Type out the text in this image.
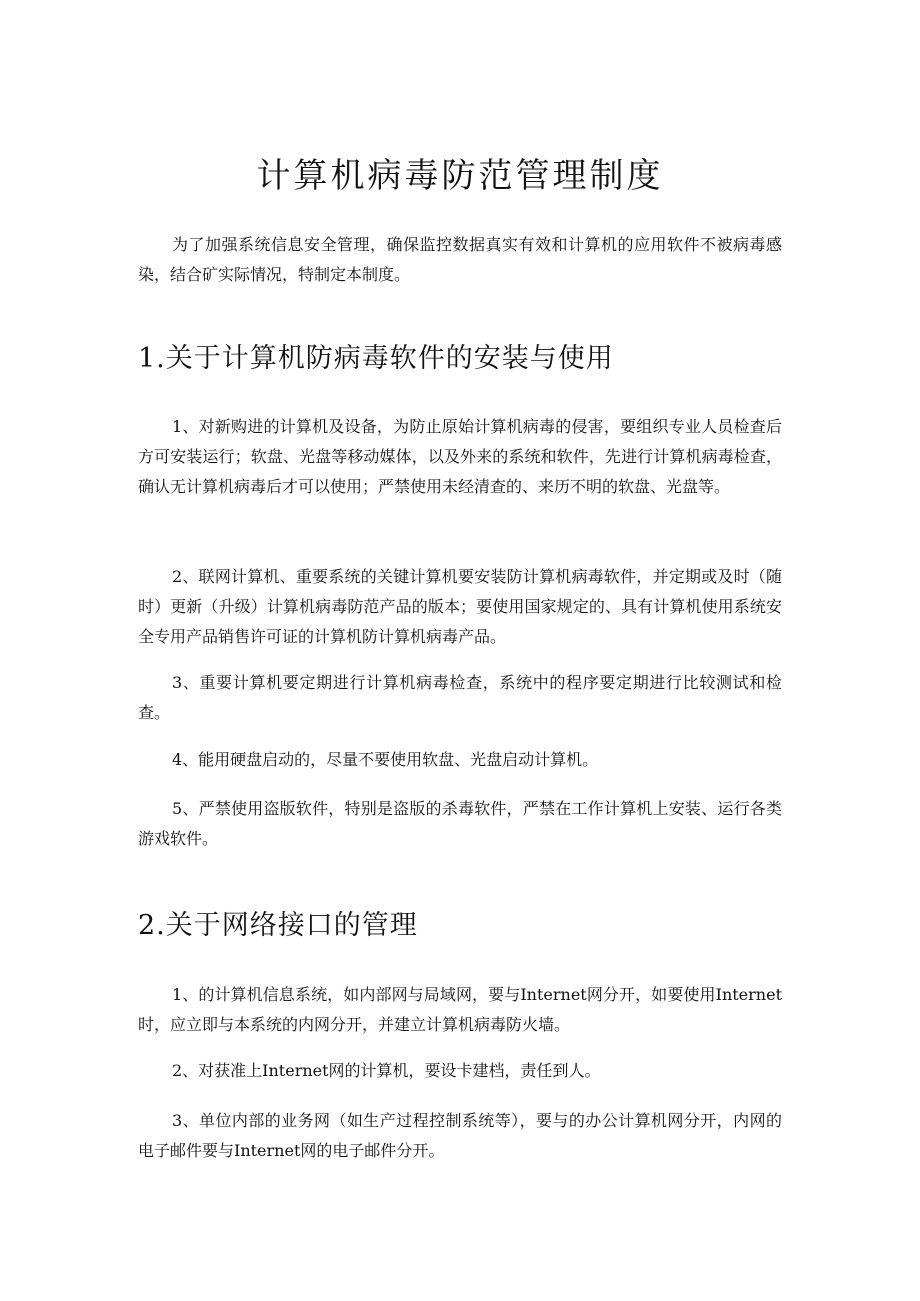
计算机病毒防范管理制度

为了加强系统信息安全管理，确保监控数据真实有效和计算机的应用软件不被病毒感染，结合矿实际情况，特制定本制度。

1.关于计算机防病毒软件的安装与使用

1、对新购进的计算机及设备，为防止原始计算机病毒的侵害，要组织专业人员检查后方可安装运行；软盘、光盘等移动媒体，以及外来的系统和软件，先进行计算机病毒检查，确认无计算机病毒后才可以使用；严禁使用未经清查的、来历不明的软盘、光盘等。

2、联网计算机、重要系统的关键计算机要安装防计算机病毒软件，并定期或及时（随时）更新（升级）计算机病毒防范产品的版本；要使用国家规定的、具有计算机使用系统安全专用产品销售许可证的计算机防计算机病毒产品。

3、重要计算机要定期进行计算机病毒检查，系统中的程序要定期进行比较测试和检查。

4、能用硬盘启动的，尽量不要使用软盘、光盘启动计算机。

5、严禁使用盗版软件，特别是盗版的杀毒软件，严禁在工作计算机上安装、运行各类游戏软件。

2.关于网络接口的管理

1、的计算机信息系统，如内部网与局域网，要与Internet网分开，如要使用Internet时，应立即与本系统的内网分开，并建立计算机病毒防火墙。

2、对获准上Internet网的计算机，要设卡建档，责任到人。

3、单位内部的业务网（如生产过程控制系统等），要与的办公计算机网分开，内网的电子邮件要与Internet网的电子邮件分开。
